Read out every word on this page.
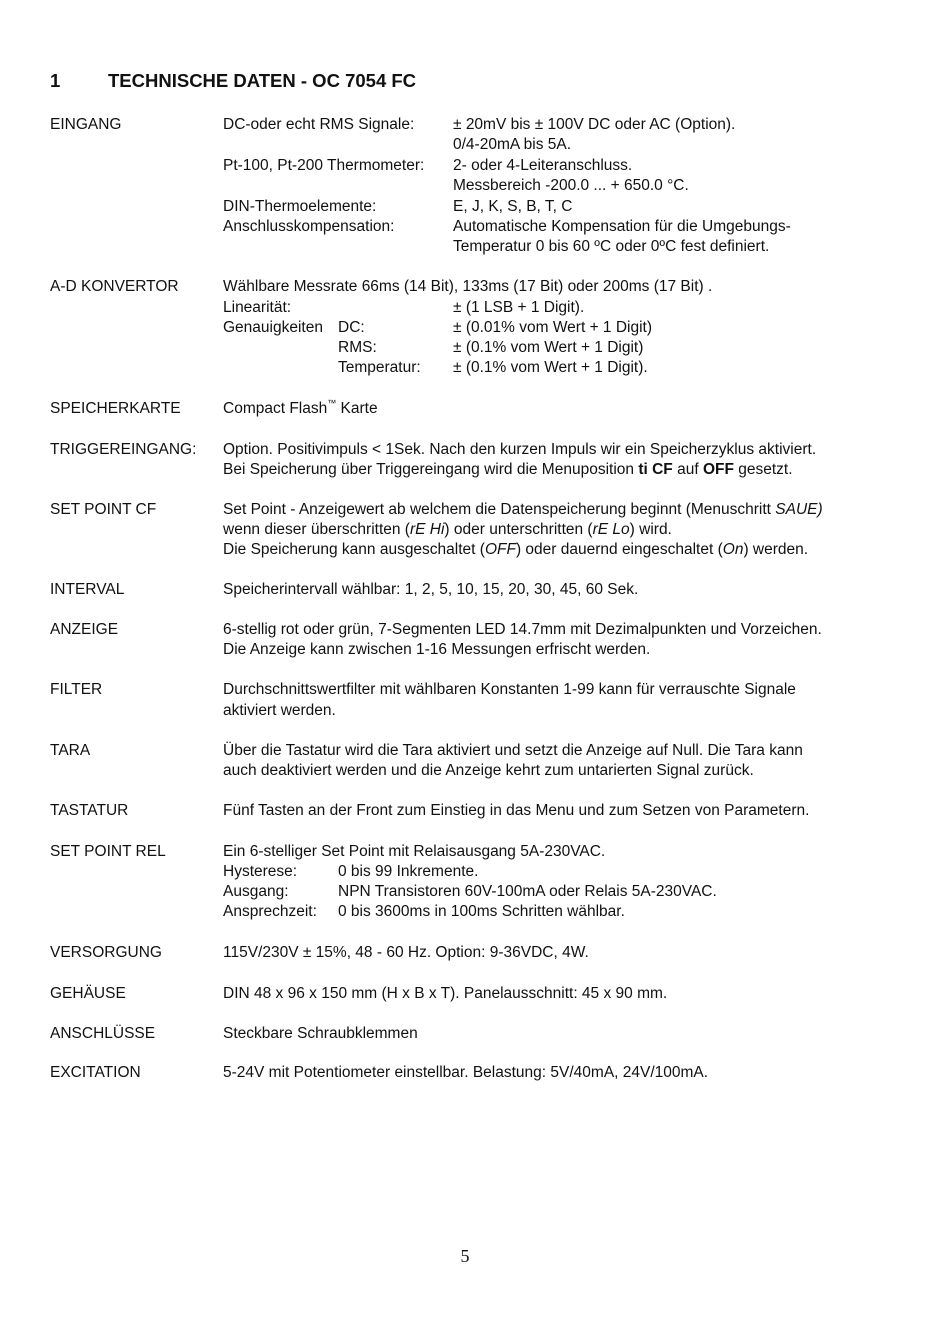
1	TECHNISCHE DATEN - OC 7054 FC
EINGANG	DC-oder echt RMS Signale:	± 20mV bis ± 100V DC oder AC (Option).
0/4-20mA bis 5A.
Pt-100, Pt-200 Thermometer: 2- oder 4-Leiteranschluss.
Messbereich -200.0 ... + 650.0 °C.
DIN-Thermoelemente:	E, J, K, S, B, T, C
Anschlusskompensation:	Automatische Kompensation für die Umgebungs-
Temperatur 0 bis 60 ºC oder 0ºC fest definiert.
A-D KONVERTOR	Wählbare Messrate 66ms (14 Bit), 133ms (17 Bit) oder 200ms (17 Bit) .
Linearität:	± (1 LSB + 1 Digit).
Genauigkeiten DC:	± (0.01% vom Wert + 1 Digit)
RMS:	± (0.1% vom Wert + 1 Digit)
Temperatur: ± (0.1% vom Wert + 1 Digit).
SPEICHERKARTE	Compact Flash™ Karte
TRIGGEREINGANG: Option. Positivimpuls < 1Sek. Nach den kurzen Impuls wir ein Speicherzyklus aktiviert.
Bei Speicherung über Triggereingang wird die Menuposition ti CF auf OFF gesetzt.
SET POINT CF	Set Point - Anzeigewert ab welchem die Datenspeicherung beginnt (Menuschritt SAUE)
wenn dieser überschritten (rE Hi) oder unterschritten (rE Lo) wird.
Die Speicherung kann ausgeschaltet (OFF) oder dauernd eingeschaltet (On) werden.
INTERVAL	Speicherintervall wählbar: 1, 2, 5, 10, 15, 20, 30, 45, 60 Sek.
ANZEIGE	6-stellig rot oder grün, 7-Segmenten LED 14.7mm mit Dezimalpunkten und Vorzeichen.
Die Anzeige kann zwischen 1-16 Messungen erfrischt werden.
FILTER	Durchschnittswertfilter mit wählbaren Konstanten 1-99 kann für verrauschte Signale
aktiviert werden.
TARA	Über die Tastatur wird die Tara aktiviert und setzt die Anzeige auf Null. Die Tara kann
auch deaktiviert werden und die Anzeige kehrt zum untarierten Signal zurück.
TASTATUR	Fünf Tasten an der Front zum Einstieg in das Menu und zum Setzen von Parametern.
SET POINT REL	Ein 6-stelliger Set Point mit Relaisausgang 5A-230VAC.
Hysterese:	0 bis 99 Inkremente.
Ausgang:	NPN Transistoren 60V-100mA oder Relais 5A-230VAC.
Ansprechzeit: 0 bis 3600ms in 100ms Schritten wählbar.
VERSORGUNG	115V/230V ± 15%, 48 - 60 Hz. Option: 9-36VDC, 4W.
GEHÄUSE	DIN 48 x 96 x 150 mm (H x B x T). Panelausschnitt: 45 x 90 mm.
ANSCHLÜSSE	Steckbare Schraubklemmen
EXCITATION	5-24V mit Potentiometer einstellbar. Belastung: 5V/40mA, 24V/100mA.
5
